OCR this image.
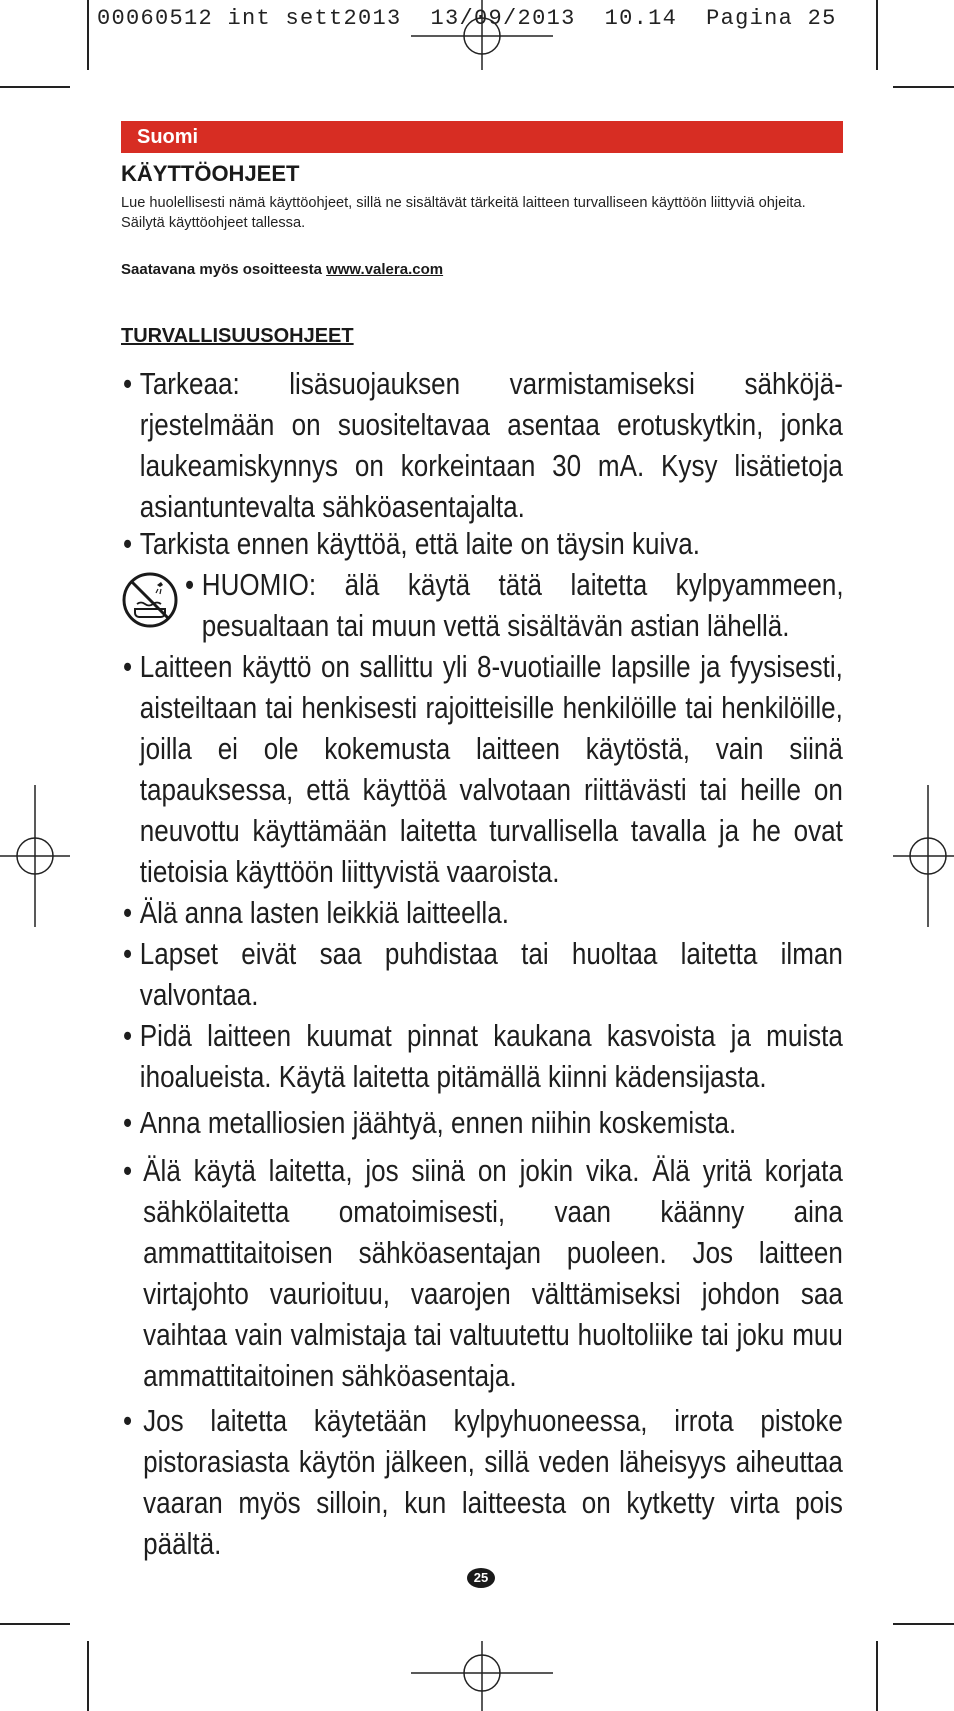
00060512 int sett2013  13/09/2013  10.14  Pagina 25
Suomi
KÄYTTÖOHJEET

Lue huolellisesti nämä käyttöohjeet, sillä ne sisältävät tärkeitä laitteen turvalliseen käyttöön liittyviä ohjeita.

Säilytä käyttöohjeet tallessa.

Saatavana myös osoitteesta www.valera.com
TURVALLISUUSOHJEET
• Tarkeaa: lisäsuojauksen varmistamiseksi sähköjä-rjestelmään on suositeltavaa asentaa erotuskytkin, jonka laukeamiskynnys on korkeintaan 30 mA. Kysy lisätietoja asiantuntevalta sähköasentajalta.
• Tarkista ennen käyttöä, että laite on täysin kuiva.
• HUOMIO: älä käytä tätä laitetta kylpyammeen, pesualtaan tai muun vettä sisältävän astian lähellä.
• Laitteen käyttö on sallittu yli 8-vuotiaille lapsille ja fyysisesti, aisteiltaan tai henkisesti rajoitteisille henkilöille tai henkilöille, joilla ei ole kokemusta laitteen käytöstä, vain siinä tapauksessa, että käyttöä valvotaan riittävästi tai heille on neuvottu käyttämään laitetta turvallisella tavalla ja he ovat tietoisia käyttöön liittyvistä vaaroista.
• Älä anna lasten leikkiä laitteella.
• Lapset eivät saa puhdistaa tai huoltaa laitetta ilman valvontaa.
• Pidä laitteen kuumat pinnat kaukana kasvoista ja muista ihoalueista. Käytä laitetta pitämällä kiinni kädensijasta.
• Anna metalliosien jäähtyä, ennen niihin koskemista.
• Älä käytä laitetta, jos siinä on jokin vika. Älä yritä korjata sähkölaitetta omatoimisesti, vaan käänny aina ammattitaitoisen sähköasentajan puoleen. Jos laitteen virtajohto vaurioituu, vaarojen välttämiseksi johdon saa vaihtaa vain valmistaja tai valtuutettu huoltoliike tai joku muu ammattitaitoinen sähköasentaja.
• Jos laitetta käytetään kylpyhuoneessa, irrota pistoke pistorasiasta käytön jälkeen, sillä veden läheisyys aiheuttaa vaaran myös silloin, kun laitteesta on kytketty virta pois päältä.
25
